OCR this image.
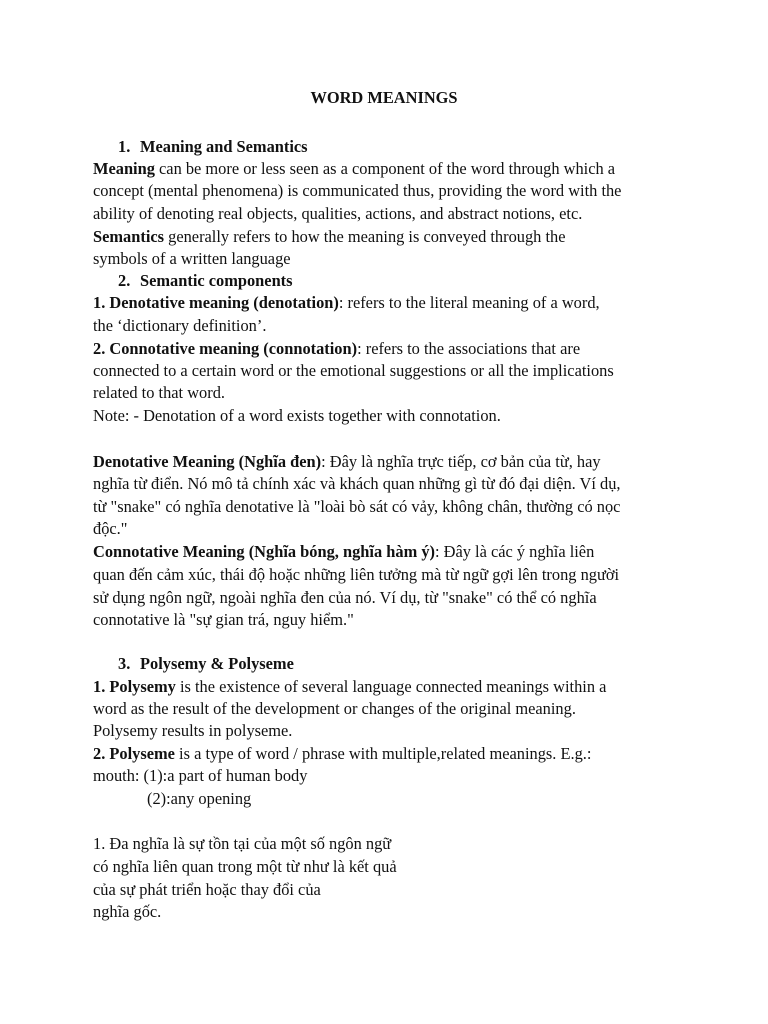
WORD MEANINGS
1. Meaning and Semantics
Meaning can be more or less seen as a component of the word through which a
concept (mental phenomena) is communicated thus, providing the word with the
ability of denoting real objects, qualities, actions, and abstract notions, etc.
Semantics generally refers to how the meaning is conveyed through the
symbols of a written language
2. Semantic components
1. Denotative meaning (denotation): refers to the literal meaning of a word,
the ‘dictionary definition’.
2. Connotative meaning (connotation): refers to the associations that are
connected to a certain word or the emotional suggestions or all the implications
related to that word.
Note: - Denotation of a word exists together with connotation.
Denotative Meaning (Nghĩa đen): Đây là nghĩa trực tiếp, cơ bản của từ, hay
nghĩa từ điển. Nó mô tả chính xác và khách quan những gì từ đó đại diện. Ví dụ,
từ "snake" có nghĩa denotative là "loài bò sát có vảy, không chân, thường có nọc
độc."
Connotative Meaning (Nghĩa bóng, nghĩa hàm ý): Đây là các ý nghĩa liên
quan đến cảm xúc, thái độ hoặc những liên tưởng mà từ ngữ gợi lên trong người
sử dụng ngôn ngữ, ngoài nghĩa đen của nó. Ví dụ, từ "snake" có thể có nghĩa
connotative là "sự gian trá, nguy hiểm."
3. Polysemy & Polyseme
1. Polysemy is the existence of several language connected meanings within a
word as the result of the development or changes of the original meaning.
Polysemy results in polyseme.
2. Polyseme is a type of word / phrase with multiple,related meanings. E.g.:
mouth: (1):a part of human body
(2):any opening
1. Đa nghĩa là sự tồn tại của một số ngôn ngữ
có nghĩa liên quan trong một từ như là kết quả
của sự phát triển hoặc thay đổi của
nghĩa gốc.
